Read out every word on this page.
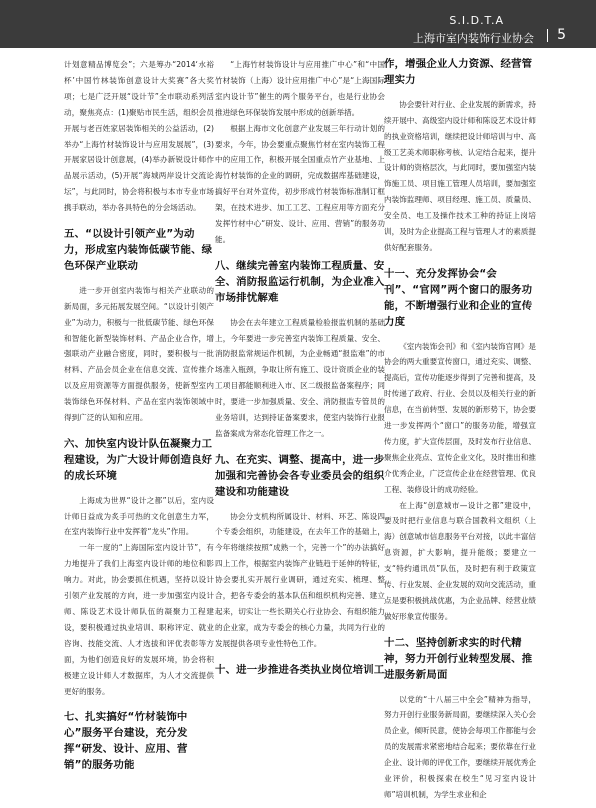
S.I.D.T.A
上海市室内装饰行业协会 5

计划意精品博览会”；六是筹办“2014‘水裕杯’中国竹林装饰创意设计大奖赛”各大奖项；七是广泛开展“设计节”全市联动系列活动，聚焦亮点：(1)聚贴市民生活，组织会员开展与老百姓家居装饰相关的公益活动，(2)举办“上海竹材装饰设计与应用发展展”，(3)开展家居设计创意展，(4)举办新锐设计师作品展示活动，(5)开展“海城两岸设计交流论坛”，与此同时，协会将积极与本市专业市场携手联动，举办各具特色的分会场活动。

五、“以设计引领产业”为动力，形成室内装饰低碳节能、绿色环保产业联动

进一步开创室内装饰与相关产业联动的新局面，多元拓展发展空间。“以设计引领产业”为动力，积极与一批低碳节能、绿色环保和智能化新型装饰材料、产品企业合作，增强联动产业融合密度，同时，要积极与一批材料、产品会员企业在信息交流、宣传推介以及应用资源等方面提供服务，使新型室内装饰绿色环保材料、产品在室内装饰领域中得到广泛的认知和应用。

六、加快室内设计队伍凝聚力工程建设，为广大设计师创造良好的成长环境

上海成为世界“设计之都”以后，室内设计师日益成为炙手可热的文化创意生力军，在室内装饰行业中发挥着“龙头”作用。

一年一度的“上海国际室内设计节”，有力地提升了我们上海室内设计师的地位和影响力。对此，协会要抓住机遇，坚持以设计引领产业发展的方向，进一步加强室内设计师、陈设艺术设计师队伍的凝聚力工程建设，要积极通过执业培训、职称评定、就业咨询、技能交流、人才选拔和评优表彰等方面，为他们创造良好的发展环境，协会将积极建立设计师人才数据库，为人才交流提供更好的服务。

七、扎实搞好“竹材装饰中心”服务平台建设，充分发挥“研发、设计、应用、营销”的服务功能

“上海竹材装饰设计与应用推广中心”和“中国竹材装饰（上海）设计应用推广中心”是“上海国际室内设计节”催生的两个服务平台，也是行业协会推进绿色环保装饰发展中形成的创新举措。

根据上海市文化创意产业发展三年行动计划的要求，今年，协会要重点聚焦竹材在室内装饰工程中的应用工作，积极开展全国重点竹产业基地、上海竹材装饰的企业的调研，完成数据库基础建设，搞好平台对外宣传，初步形成竹材装饰标准制订框架，在技术进步、加工工艺、工程应用等方面充分发挥竹材中心“研发、设计、应用、营销”的服务功能。

八、继续完善室内装饰工程质量、安全、消防报监运行机制，为企业准入市场排忧解难

协会在去年建立工程质量检验报监机制的基础上，今年要进一步完善室内装饰工程质量、安全、消防报监常规运作机制，为企业畅通“报监难”的市场准入瓶颈，争取让所有施工、设计资质企业的装工项目都能顺利进入市、区二级报监备案程序；同时，要进一步加强质量、安全、消防报监专管员的业务培训，达到持证备案要求，使室内装饰行业报监备案成为常态化管理工作之一。

九、在充实、调整、提高中，进一步加强和完善协会各专业委员会的组织建设和功能建设

协会分支机构所属设计、材料、环艺、陈设四个专委会组织，功能建设，在去年工作的基础上，今年将继续按照“成熟一个，完善一个”的办法搞好四上工作，根据室内装饰产业链趋于延伸的特征，协会要扎实开展行业调研，通过充实、梳理、整合，把各专委会的基本队伍和组织机构完善、建立起来，切实让一些长期关心行业协会、有组织能力的企业家，成为专委会的核心力量，共同为行业的发展提供各项专业性特色工作。

十、进一步推进各类执业岗位培训工
作，增强企业人力资源、经营管理实力

协会要针对行业、企业发展的新需求，持续开展中、高级室内设计师和陈设艺术设计师的执业资格培训，继续把设计师培训与中、高级工艺美术师职称考核、认定结合起来，提升设计师的资格层次，与此同时，要加强室内装饰施工员、项目施工管理人员培训，要加强室内装饰监理师、项目经理、施工员、质量员、安全员、电工及操作技术工种的持证上岗培训，及时为企业提高工程与管理人才的素质提供好配套服务。

十一、充分发挥协会“会刊”、“官网”两个窗口的服务功能，不断增强行业和企业的宣传力度

《室内装饰会刊》和《室内装饰官网》是协会的两大重要宣传窗口，通过充实、调整、提高后，宣传功能逐步得到了完善和提高，及时传递了政府、行业、会员以及相关行业的新信息，在当前转型、发展的新形势下，协会要进一步发挥两个“窗口”的服务功能，增强宣传力度，扩大宣传层面，及时发布行业信息、聚焦企业亮点、宣传企业文化，及时推出和推介优秀企业，广泛宣传企业在经营管理、优良工程、装修设计的成功经验。

在上海“创意城市—设计之都”建设中，要及时把行业信息与联合国教科文组织（上海）创意城市信息服务平台对接，以此丰富信息资源，扩大影响，提升能级；要建立一支“特约通讯员”队伍，及时把有利于政策宣传、行业发展、企业发展的双向交流活动，重点是要积极挑战优惠，为企业品牌、经营业绩做好形象宣传服务。

十二、坚持创新求实的时代精神，努力开创行业转型发展、推进服务新局面

以党的“十八届三中全会”精神为指导，努力开创行业服务新局面，要继续深入关心会员企业，倾听民意，使协会每项工作都能与会员的发展需求紧密地结合起来；要依靠在行业企业、设计师的评优工作，要继续开展优秀企业评价，积极探索在校生“见习室内设计师”培训机制，为学生求业和企
